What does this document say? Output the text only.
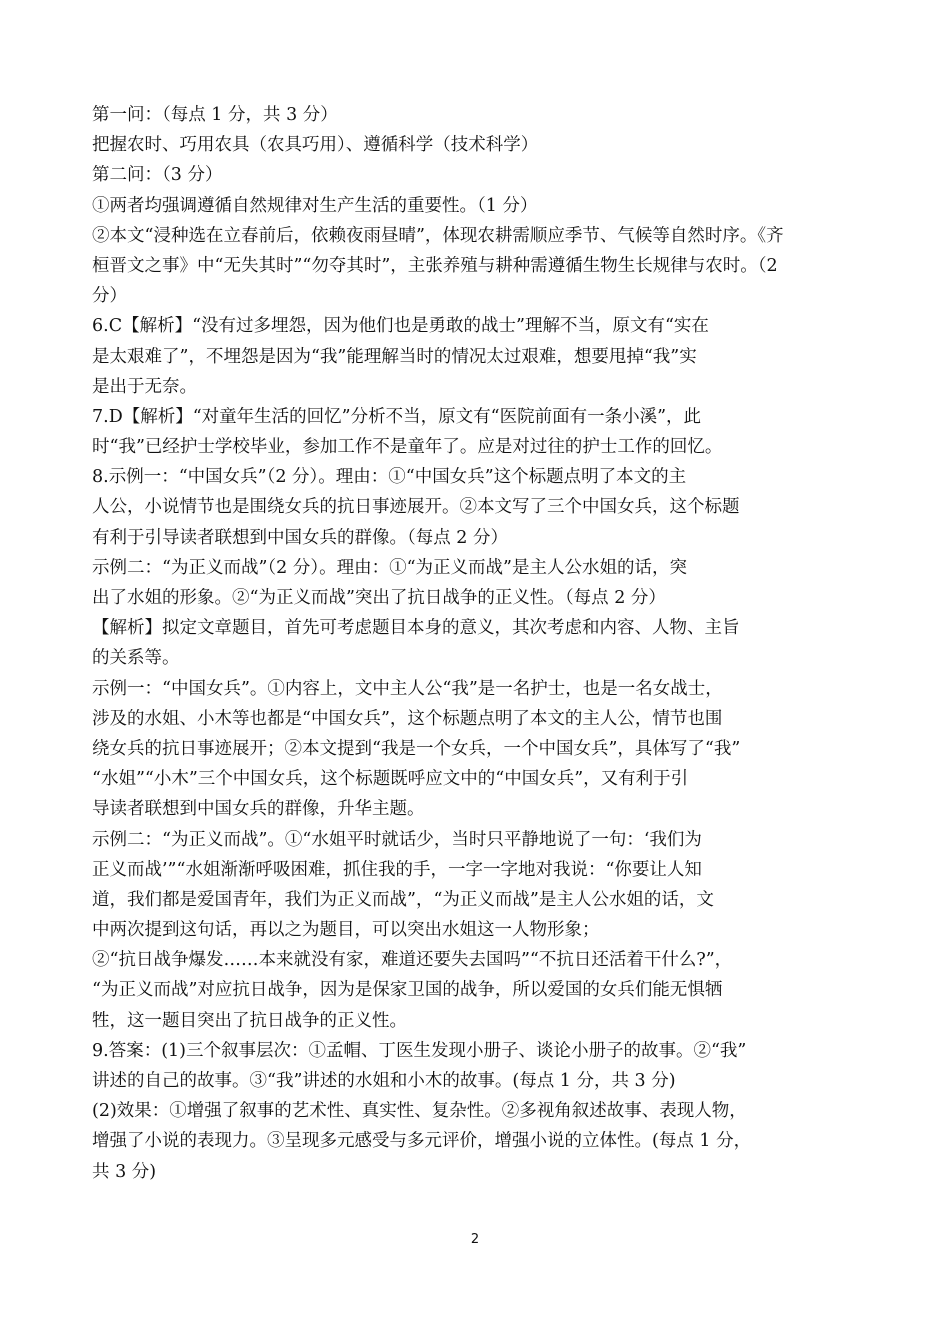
第一问：（每点 1 分，共 3 分）
把握农时、巧用农具（农具巧用）、遵循科学（技术科学）
第二问：（3 分）
①两者均强调遵循自然规律对生产生活的重要性。（1 分）
②本文“浸种选在立春前后，依赖夜雨昼晴”，体现农耕需顺应季节、气候等自然时序。《齐
桓晋文之事》中“无失其时”“勿夺其时”，主张养殖与耕种需遵循生物生长规律与农时。（2
分）
6.C【解析】“没有过多埋怨，因为他们也是勇敢的战士”理解不当，原文有“实在
是太艰难了”，不埋怨是因为“我”能理解当时的情况太过艰难，想要甩掉“我”实
是出于无奈。
7.D【解析】“对童年生活的回忆”分析不当，原文有“医院前面有一条小溪”，此
时“我”已经护士学校毕业，参加工作不是童年了。应是对过往的护士工作的回忆。
8.示例一：“中国女兵”（2 分）。理由：①“中国女兵”这个标题点明了本文的主
人公，小说情节也是围绕女兵的抗日事迹展开。②本文写了三个中国女兵，这个标题
有利于引导读者联想到中国女兵的群像。（每点 2 分）
示例二：“为正义而战”（2 分）。理由：①“为正义而战”是主人公水姐的话，突
出了水姐的形象。②“为正义而战”突出了抗日战争的正义性。（每点 2 分）
【解析】拟定文章题目，首先可考虑题目本身的意义，其次考虑和内容、人物、主旨
的关系等。
示例一：“中国女兵”。①内容上，文中主人公“我”是一名护士，也是一名女战士，
涉及的水姐、小木等也都是“中国女兵”，这个标题点明了本文的主人公，情节也围
绕女兵的抗日事迹展开；②本文提到“我是一个女兵，一个中国女兵”，具体写了“我”
“水姐”“小木”三个中国女兵，这个标题既呼应文中的“中国女兵”，又有利于引
导读者联想到中国女兵的群像，升华主题。
示例二：“为正义而战”。①“水姐平时就话少，当时只平静地说了一句：‘我们为
正义而战’”“水姐渐渐呼吸困难，抓住我的手，一字一字地对我说：“你要让人知
道，我们都是爱国青年，我们为正义而战”，“为正义而战”是主人公水姐的话，文
中两次提到这句话，再以之为题目，可以突出水姐这一人物形象；
②“抗日战争爆发……本来就没有家，难道还要失去国吗”“不抗日还活着干什么?”，
“为正义而战”对应抗日战争，因为是保家卫国的战争，所以爱国的女兵们能无惧牺
牲，这一题目突出了抗日战争的正义性。
9.答案：(1)三个叙事层次：①孟帽、丁医生发现小册子、谈论小册子的故事。②“我”
讲述的自己的故事。③“我”讲述的水姐和小木的故事。(每点 1 分，共 3 分)
(2)效果：①增强了叙事的艺术性、真实性、复杂性。②多视角叙述故事、表现人物，
增强了小说的表现力。③呈现多元感受与多元评价，增强小说的立体性。(每点 1 分，
共 3 分)
2
